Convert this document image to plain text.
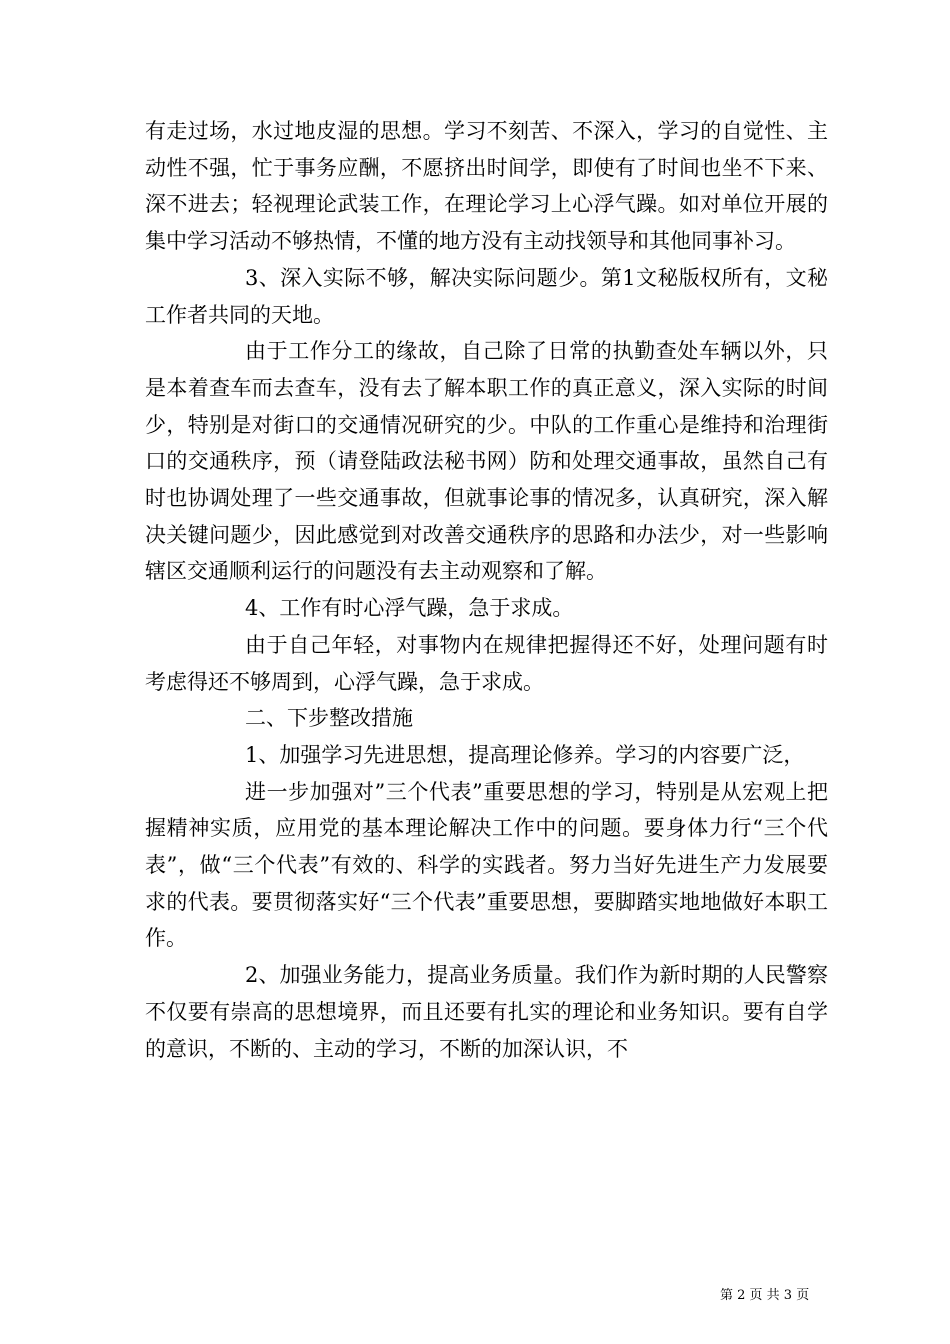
有走过场，水过地皮湿的思想。学习不刻苦、不深入，学习的自觉性、主动性不强，忙于事务应酬，不愿挤出时间学，即使有了时间也坐不下来、深不进去；轻视理论武装工作，在理论学习上心浮气躁。如对单位开展的集中学习活动不够热情，不懂的地方没有主动找领导和其他同事补习。

3、深入实际不够，解决实际问题少。第1文秘版权所有，文秘工作者共同的天地。

由于工作分工的缘故，自己除了日常的执勤查处车辆以外，只是本着查车而去查车，没有去了解本职工作的真正意义，深入实际的时间少，特别是对街口的交通情况研究的少。中队的工作重心是维持和治理街口的交通秩序，预（请登陆政法秘书网）防和处理交通事故，虽然自己有时也协调处理了一些交通事故，但就事论事的情况多，认真研究，深入解决关键问题少，因此感觉到对改善交通秩序的思路和办法少，对一些影响辖区交通顺利运行的问题没有去主动观察和了解。

4、工作有时心浮气躁，急于求成。

由于自己年轻，对事物内在规律把握得还不好，处理问题有时考虑得还不够周到，心浮气躁，急于求成。

二、下步整改措施

1、加强学习先进思想，提高理论修养。学习的内容要广泛，

进一步加强对”三个代表”重要思想的学习，特别是从宏观上把握精神实质，应用党的基本理论解决工作中的问题。要身体力行“三个代表”，做“三个代表”有效的、科学的实践者。努力当好先进生产力发展要求的代表。要贯彻落实好“三个代表”重要思想，要脚踏实地地做好本职工作。

2、加强业务能力，提高业务质量。我们作为新时期的人民警察不仅要有崇高的思想境界，而且还要有扎实的理论和业务知识。要有自学的意识，不断的、主动的学习，不断的加深认识，不

第 2 页 共 3 页
